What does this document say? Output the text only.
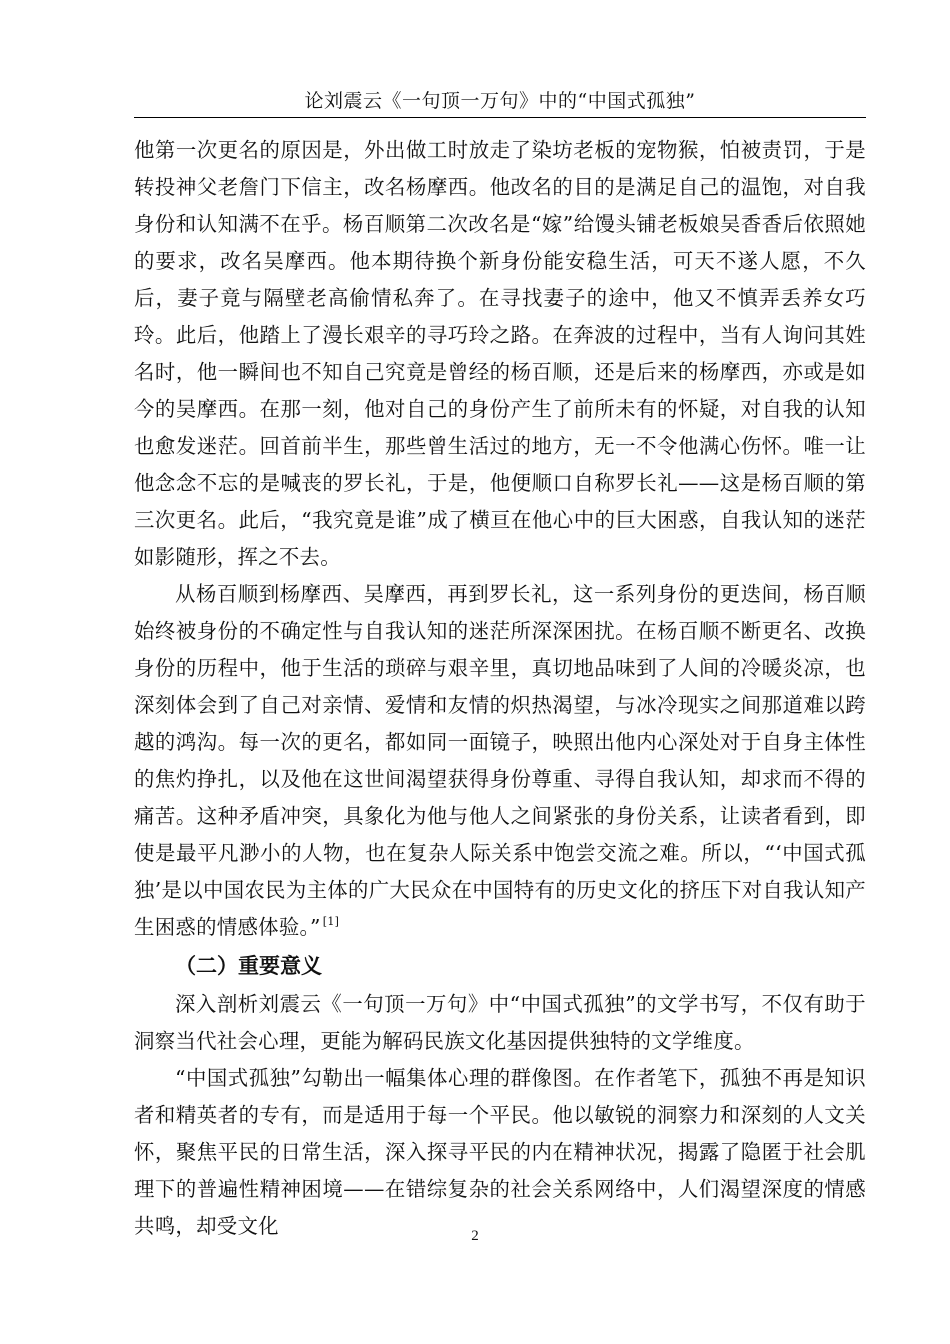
论刘震云《一句顶一万句》中的“中国式孤独”

他第一次更名的原因是，外出做工时放走了染坊老板的宠物猴，怕被责罚，于是转投神父老詹门下信主，改名杨摩西。他改名的目的是满足自己的温饱，对自我身份和认知满不在乎。杨百顺第二次改名是“嫁”给馒头铺老板娘吴香香后依照她的要求，改名吴摩西。他本期待换个新身份能安稳生活，可天不遂人愿，不久后，妻子竟与隔壁老高偷情私奔了。在寻找妻子的途中，他又不慎弄丢养女巧玲。此后，他踏上了漫长艰辛的寻巧玲之路。在奔波的过程中，当有人询问其姓名时，他一瞬间也不知自己究竟是曾经的杨百顺，还是后来的杨摩西，亦或是如今的吴摩西。在那一刻，他对自己的身份产生了前所未有的怀疑，对自我的认知也愈发迷茫。回首前半生，那些曾生活过的地方，无一不令他满心伤怀。唯一让他念念不忘的是喊丧的罗长礼，于是，他便顺口自称罗长礼——这是杨百顺的第三次更名。此后，“我究竟是谁”成了横亘在他心中的巨大困惑，自我认知的迷茫如影随形，挥之不去。

从杨百顺到杨摩西、吴摩西，再到罗长礼，这一系列身份的更迭间，杨百顺始终被身份的不确定性与自我认知的迷茫所深深困扰。在杨百顺不断更名、改换身份的历程中，他于生活的琐碎与艰辛里，真切地品味到了人间的冷暖炎凉，也深刻体会到了自己对亲情、爱情和友情的炽热渴望，与冰冷现实之间那道难以跨越的鸿沟。每一次的更名，都如同一面镜子，映照出他内心深处对于自身主体性的焦灼挣扎，以及他在这世间渴望获得身份尊重、寻得自我认知，却求而不得的痛苦。这种矛盾冲突，具象化为他与他人之间紧张的身份关系，让读者看到，即使是最平凡渺小的人物，也在复杂人际关系中饱尝交流之难。所以，“‘中国式孤独’是以中国农民为主体的广大民众在中国特有的历史文化的挤压下对自我认知产生困惑的情感体验。” [1]

（二）重要意义

深入剖析刘震云《一句顶一万句》中“中国式孤独”的文学书写，不仅有助于洞察当代社会心理，更能为解码民族文化基因提供独特的文学维度。

“中国式孤独”勾勒出一幅集体心理的群像图。在作者笔下，孤独不再是知识者和精英者的专有，而是适用于每一个平民。他以敏锐的洞察力和深刻的人文关怀，聚焦平民的日常生活，深入探寻平民的内在精神状况，揭露了隐匿于社会肌理下的普遍性精神困境——在错综复杂的社会关系网络中，人们渴望深度的情感共鸣，却受文化	2
